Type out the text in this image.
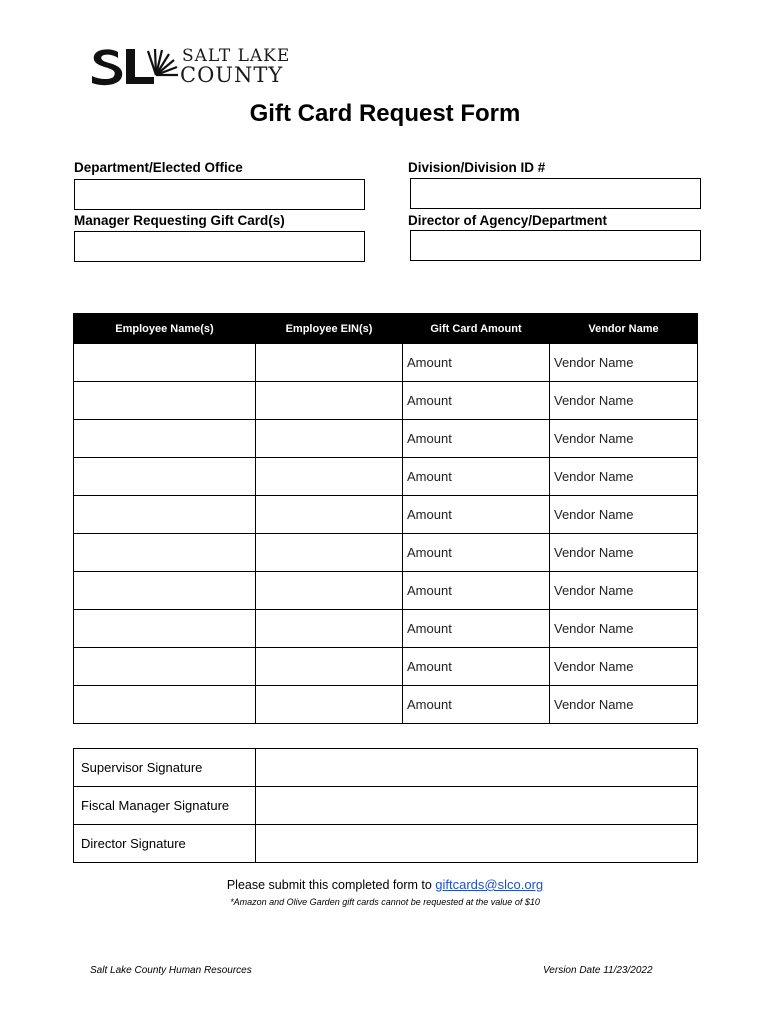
SALT LAKE
COUNTY
Gift Card Request Form
Department/Elected Office	Division/Division ID #
Manager Requesting Gift Card(s)	Director of Agency/Department
Employee Name(s)	Employee EIN(s)	Gift Card Amount	Vendor Name
		Amount	Vendor Name
		Amount	Vendor Name
		Amount	Vendor Name
		Amount	Vendor Name
		Amount	Vendor Name
		Amount	Vendor Name
		Amount	Vendor Name
		Amount	Vendor Name
		Amount	Vendor Name
		Amount	Vendor Name
Supervisor Signature	
Fiscal Manager Signature	
Director Signature	
Please submit this completed form to giftcards@slco.org
*Amazon and Olive Garden gift cards cannot be requested at the value of $10
Salt Lake County Human Resources	Version Date 11/23/2022
